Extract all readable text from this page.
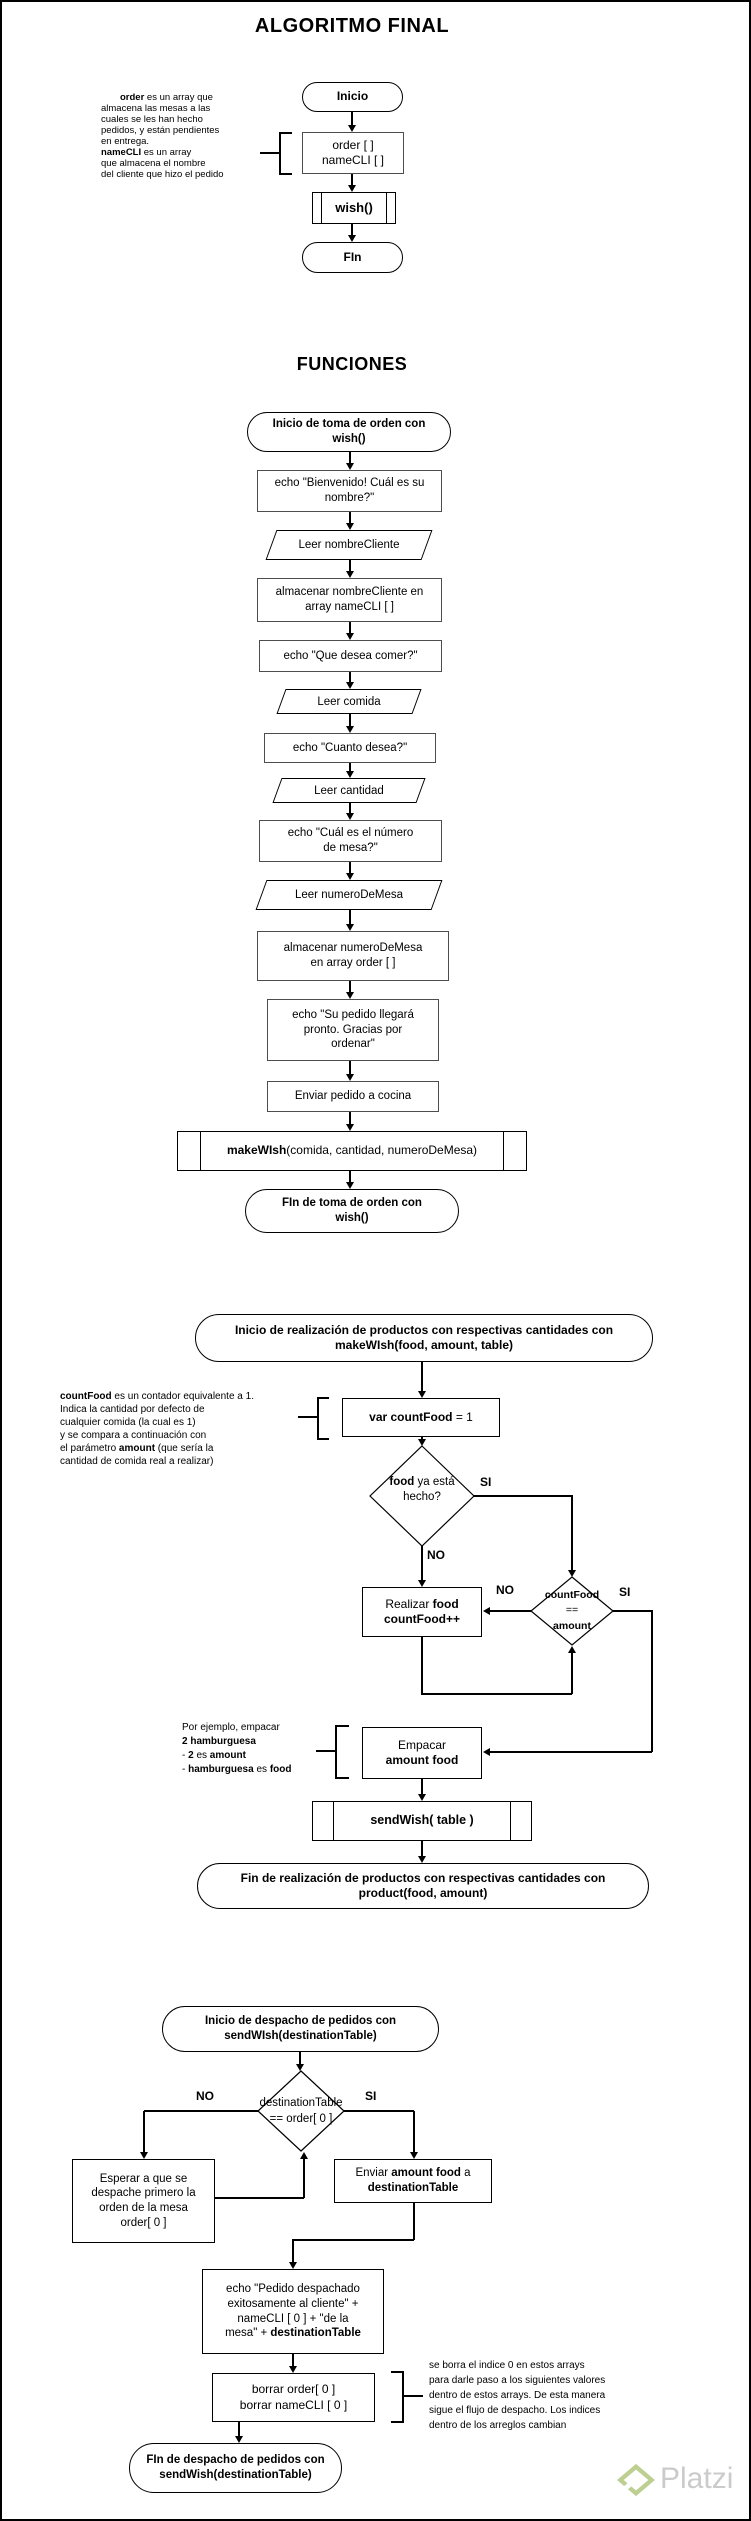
ALGORITMO FINAL
Inicio
order [ ]
nameCLI [ ]
wish()
FIn
order es un array que
almacena las mesas a las
cuales se les han hecho
pedidos, y están pendientes
en entrega.
nameCLI es un array
que almacena el nombre
del cliente que hizo el pedido
FUNCIONES
Inicio de toma de orden con
wish()
echo "Bienvenido! Cuál es su
nombre?"
Leer nombreCliente
almacenar nombreCliente en
array nameCLI [ ]
echo "Que desea comer?"
Leer comida
echo "Cuanto desea?"
Leer cantidad
echo "Cuál es el número
de mesa?"
Leer numeroDeMesa
almacenar numeroDeMesa
en array order [ ]
echo "Su pedido llegará
pronto. Gracias por
ordenar"
Enviar pedido a cocina
makeWIsh(comida, cantidad, numeroDeMesa)
FIn de toma de orden con
wish()
Inicio de realización de productos con respectivas cantidades con
makeWIsh(food, amount, table)
var countFood = 1
countFood es un contador equivalente a 1.
Indica la cantidad por defecto de
cualquier comida (la cual es 1)
y se compara a continuación con
el parámetro amount (que sería la
cantidad de comida real a realizar)
food ya está
hecho?
SI
NO
Realizar food
countFood++
countFood
==
amount
NO	SI
Empacar
amount food
Por ejemplo, empacar
2 hamburguesa
- 2 es amount
- hamburguesa es food
sendWish( table )
Fin de realización de productos con respectivas cantidades con
product(food, amount)
Inicio de despacho de pedidos con
sendWIsh(destinationTable)
destinationTable
== order[ 0 ]
NO	SI
Esperar a que se
despache primero la
orden de la mesa
order[ 0 ]
Enviar amount food a
destinationTable
echo "Pedido despachado
exitosamente al cliente" +
nameCLI [ 0 ] + "de la
mesa" + destinationTable
borrar order[ 0 ]
borrar nameCLI [ 0 ]
se borra el indice 0 en estos arrays
para darle paso a los siguientes valores
dentro de estos arrays. De esta manera
sigue el flujo de despacho. Los indices
dentro de los arreglos cambian
FIn de despacho de pedidos con
sendWish(destinationTable)	Platzi
